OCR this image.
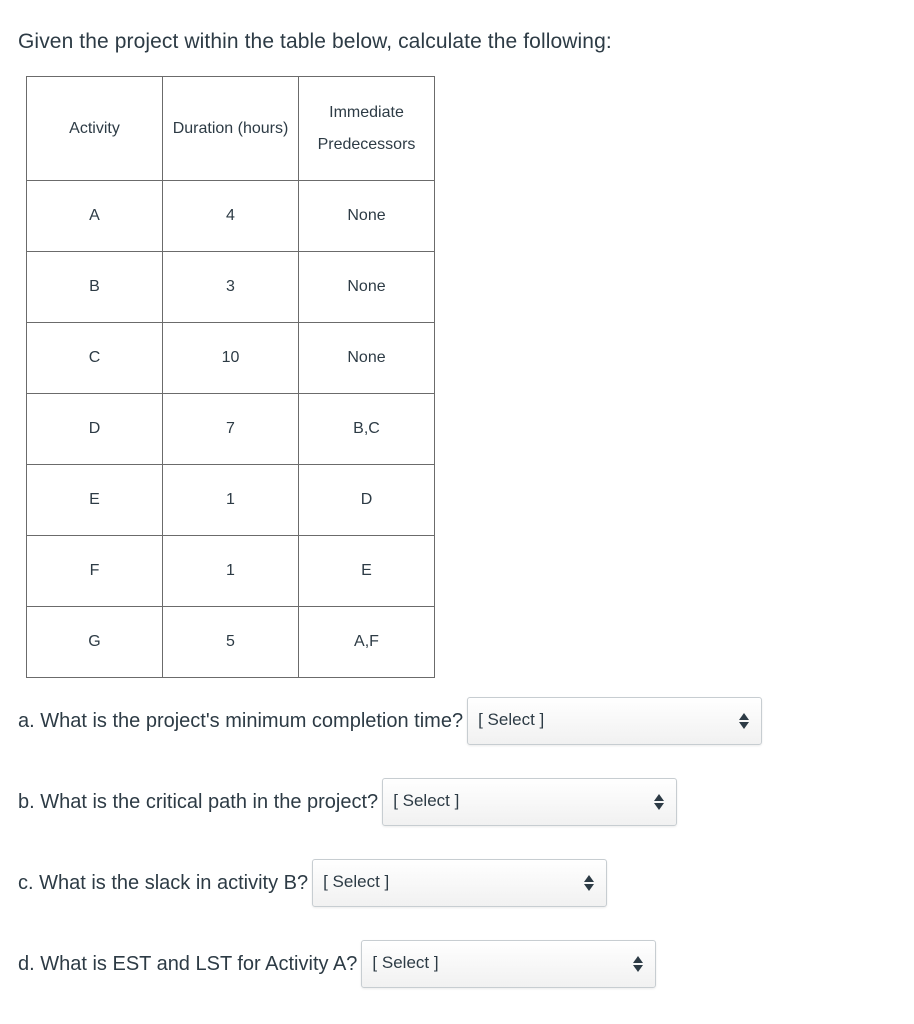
Given the project within the table below, calculate the following:
Activity	Duration (hours)	Immediate
Predecessors
A	4	None
B	3	None
C	10	None
D	7	B,C
E	1	D
F	1	E
G	5	A,F
a. What is the project's minimum completion time? [ Select ]
b. What is the critical path in the project? [ Select ]
c. What is the slack in activity B? [ Select ]
d. What is EST and LST for Activity A? [ Select ]
